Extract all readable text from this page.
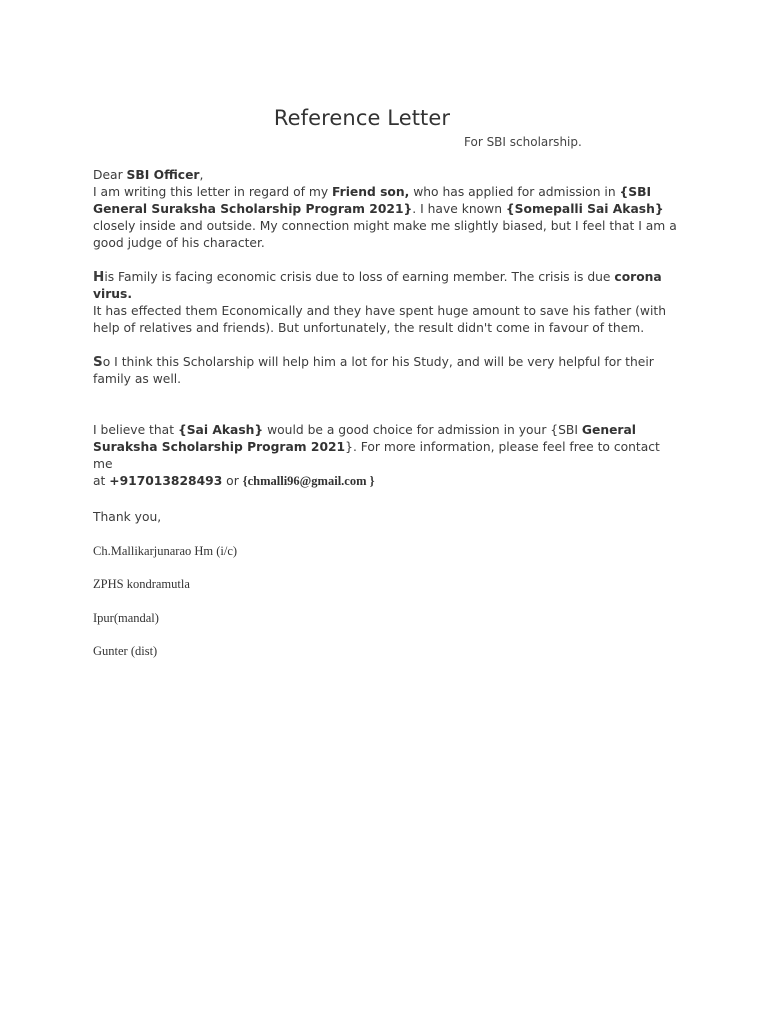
Reference Letter
For SBI scholarship.

Dear SBI Officer,

I am writing this letter in regard of my Friend son, who has applied for admission in {SBI General Suraksha Scholarship Program 2021}. I have known {Somepalli Sai Akash} closely inside and outside. My connection might make me slightly biased, but I feel that I am a good judge of his character.

His Family is facing economic crisis due to loss of earning member. The crisis is due corona virus.

It has effected them Economically and they have spent huge amount to save his father (with help of relatives and friends). But unfortunately, the result didn't come in favour of them.

So I think this Scholarship will help him a lot for his Study, and will be very helpful for their family as well.

I believe that {Sai Akash} would be a good choice for admission in your {SBI General Suraksha Scholarship Program 2021}. For more information, please feel free to contact me
at +917013828493 or {chmalli96@gmail.com }

Thank you,

Ch.Mallikarjunarao Hm (i/c)

ZPHS kondramutla

Ipur(mandal)

Gunter (dist)
